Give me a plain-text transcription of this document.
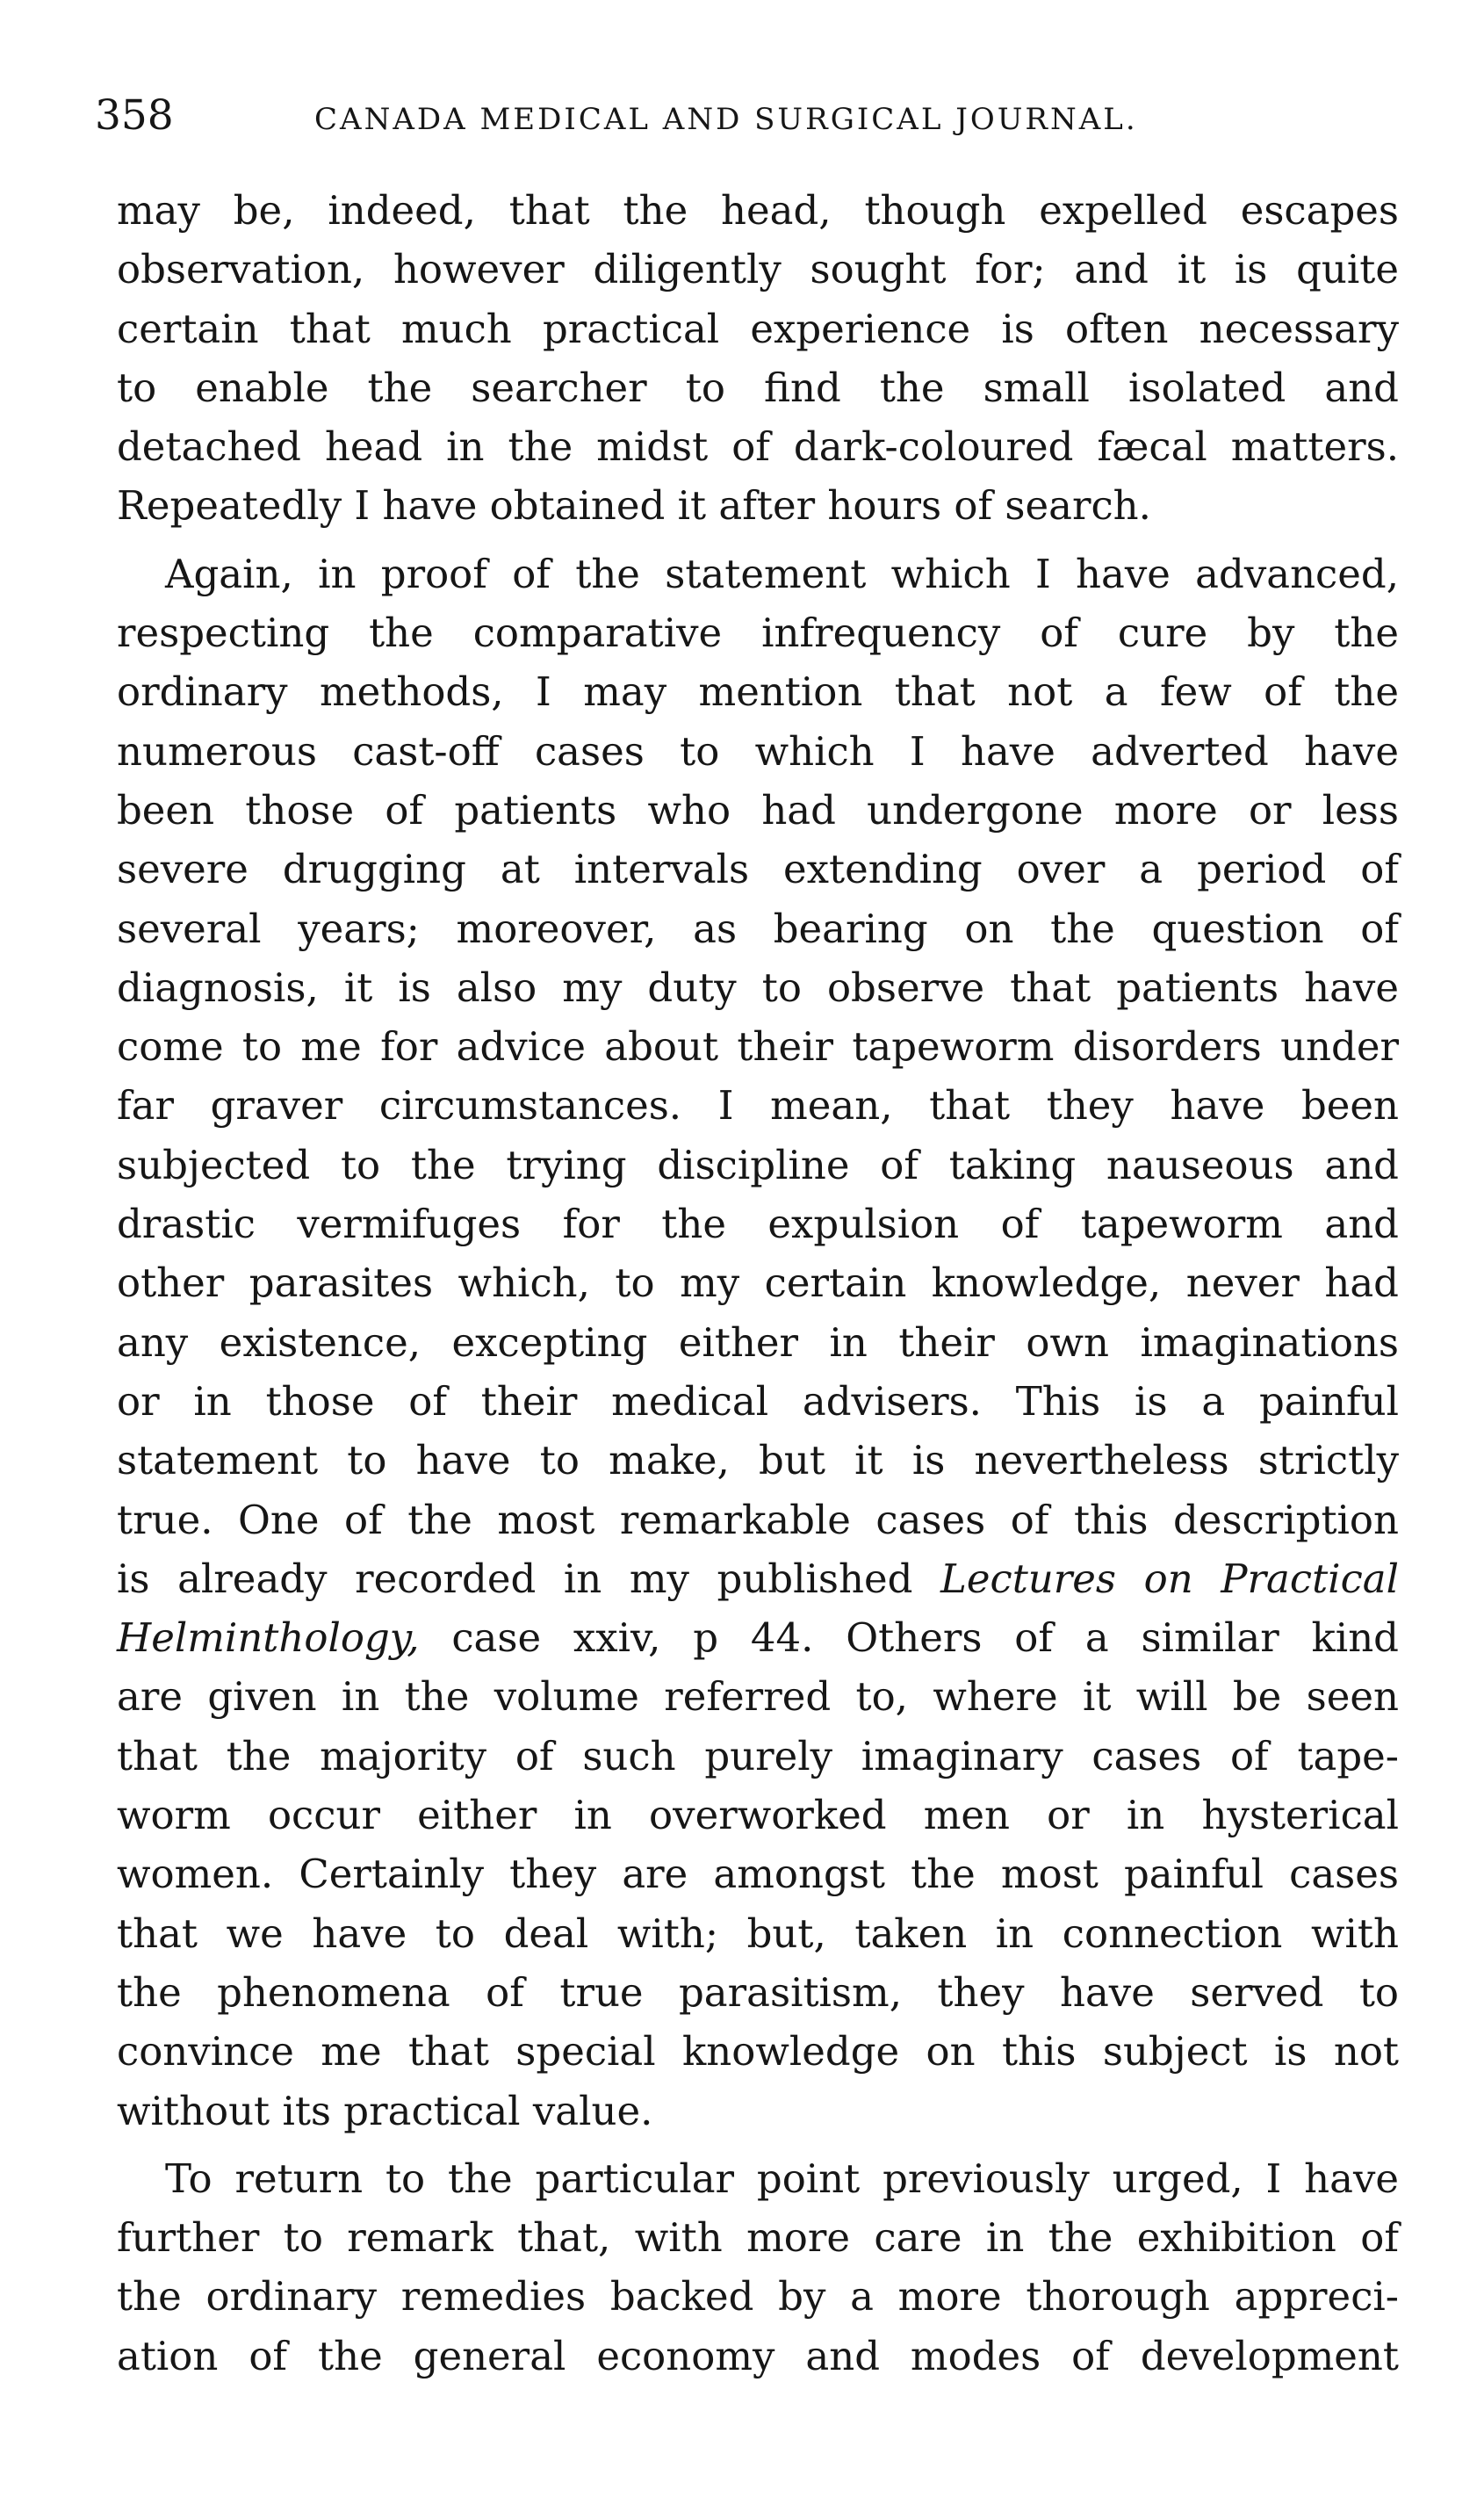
358	CANADA MEDICAL AND SURGICAL JOURNAL.
may be, indeed, that the head, though expelled escapes
observation, however diligently sought for; and it is quite
certain that much practical experience is often necessary
to enable the searcher to find the small isolated and
detached head in the midst of dark-coloured fæcal matters.
Repeatedly I have obtained it after hours of search.
Again, in proof of the statement which I have advanced,
respecting the comparative infrequency of cure by the
ordinary methods, I may mention that not a few of the
numerous cast-off cases to which I have adverted have
been those of patients who had undergone more or less
severe drugging at intervals extending over a period of
several years; moreover, as bearing on the question of
diagnosis, it is also my duty to observe that patients have
come to me for advice about their tapeworm disorders under
far graver circumstances. I mean, that they have been
subjected to the trying discipline of taking nauseous and
drastic vermifuges for the expulsion of tapeworm and
other parasites which, to my certain knowledge, never had
any existence, excepting either in their own imaginations
or in those of their medical advisers. This is a painful
statement to have to make, but it is nevertheless strictly
true. One of the most remarkable cases of this description
is already recorded in my published Lectures on Practical
Helminthology, case xxiv, p 44. Others of a similar kind
are given in the volume referred to, where it will be seen
that the majority of such purely imaginary cases of tape-
worm occur either in overworked men or in hysterical
women. Certainly they are amongst the most painful cases
that we have to deal with; but, taken in connection with
the phenomena of true parasitism, they have served to
convince me that special knowledge on this subject is not
without its practical value.
To return to the particular point previously urged, I have
further to remark that, with more care in the exhibition of
the ordinary remedies backed by a more thorough appreci-
ation of the general economy and modes of development
